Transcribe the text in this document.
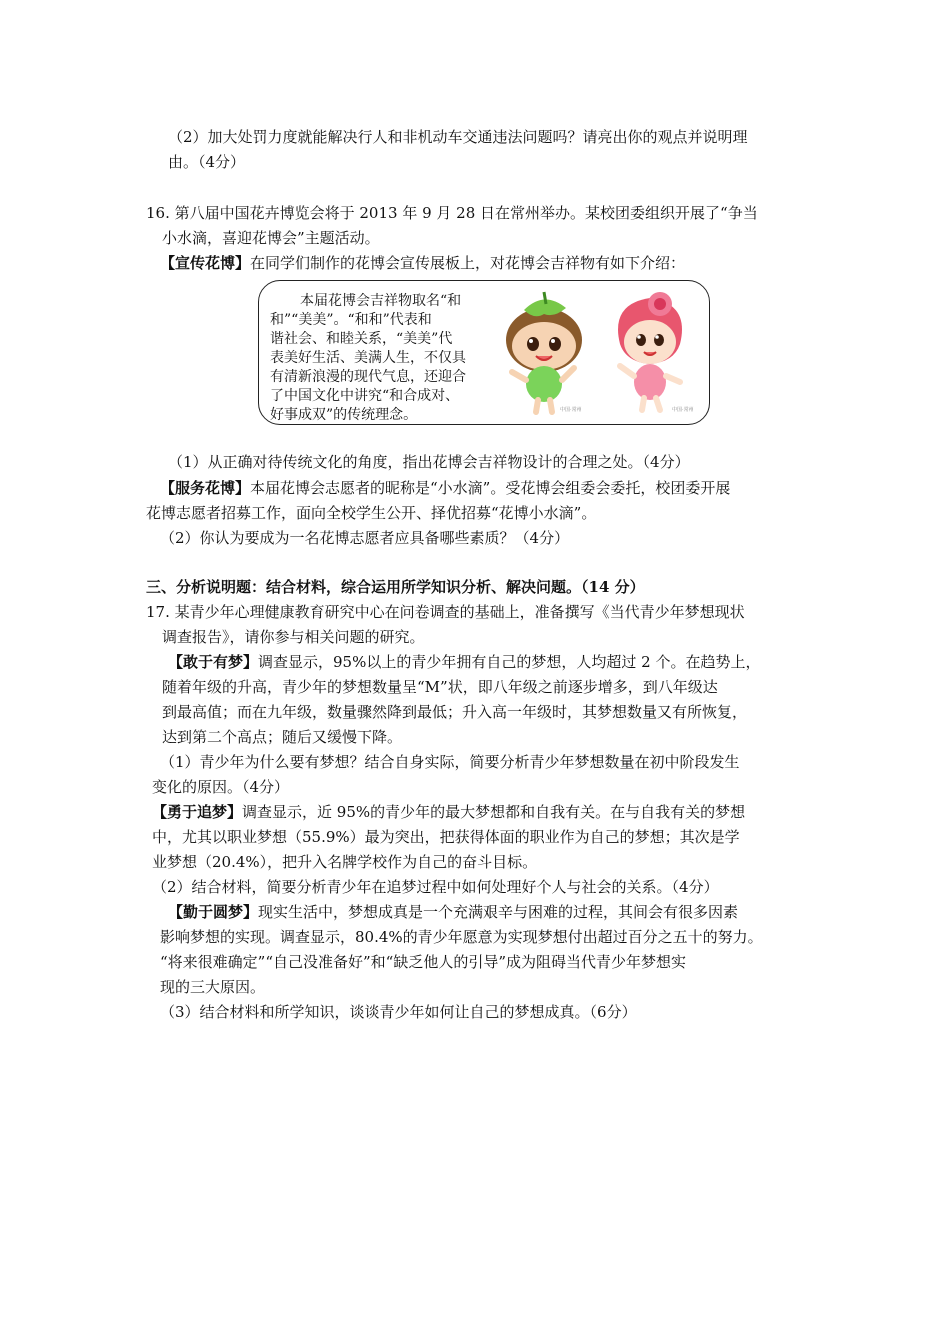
（2）加大处罚力度就能解决行人和非机动车交通违法问题吗？请亮出你的观点并说明理
由。（4分）
16. 第八届中国花卉博览会将于 2013 年 9 月 28 日在常州举办。某校团委组织开展了“争当
小水滴，喜迎花博会”主题活动。
【宣传花博】在同学们制作的花博会宣传展板上，对花博会吉祥物有如下介绍：
本届花博会吉祥物取名“和
和”“美美”。“和和”代表和
谐社会、和睦关系，“美美”代
表美好生活、美满人生，不仅具
有清新浪漫的现代气息，还迎合
了中国文化中讲究“和合成对、
好事成双”的传统理念。	中国·常州	中国·常州
（1）从正确对待传统文化的角度，指出花博会吉祥物设计的合理之处。（4分）
【服务花博】本届花博会志愿者的昵称是“小水滴”。受花博会组委会委托，校团委开展
花博志愿者招募工作，面向全校学生公开、择优招募“花博小水滴”。
（2）你认为要成为一名花博志愿者应具备哪些素质？（4分）
三、分析说明题：结合材料，综合运用所学知识分析、解决问题。（14 分）
17. 某青少年心理健康教育研究中心在问卷调查的基础上，准备撰写《当代青少年梦想现状
调查报告》，请你参与相关问题的研究。
【敢于有梦】调查显示，95%以上的青少年拥有自己的梦想，人均超过 2 个。在趋势上，
随着年级的升高，青少年的梦想数量呈“M”状，即八年级之前逐步增多，到八年级达
到最高值；而在九年级，数量骤然降到最低；升入高一年级时，其梦想数量又有所恢复，
达到第二个高点；随后又缓慢下降。
（1）青少年为什么要有梦想？结合自身实际，简要分析青少年梦想数量在初中阶段发生
变化的原因。（4分）
【勇于追梦】调查显示，近 95%的青少年的最大梦想都和自我有关。在与自我有关的梦想
中，尤其以职业梦想（55.9%）最为突出，把获得体面的职业作为自己的梦想；其次是学
业梦想（20.4%），把升入名牌学校作为自己的奋斗目标。
（2）结合材料，简要分析青少年在追梦过程中如何处理好个人与社会的关系。（4分）
【勤于圆梦】现实生活中，梦想成真是一个充满艰辛与困难的过程，其间会有很多因素
影响梦想的实现。调查显示，80.4%的青少年愿意为实现梦想付出超过百分之五十的努力。
“将来很难确定”“自己没准备好”和“缺乏他人的引导”成为阻碍当代青少年梦想实
现的三大原因。
（3）结合材料和所学知识，谈谈青少年如何让自己的梦想成真。（6分）
